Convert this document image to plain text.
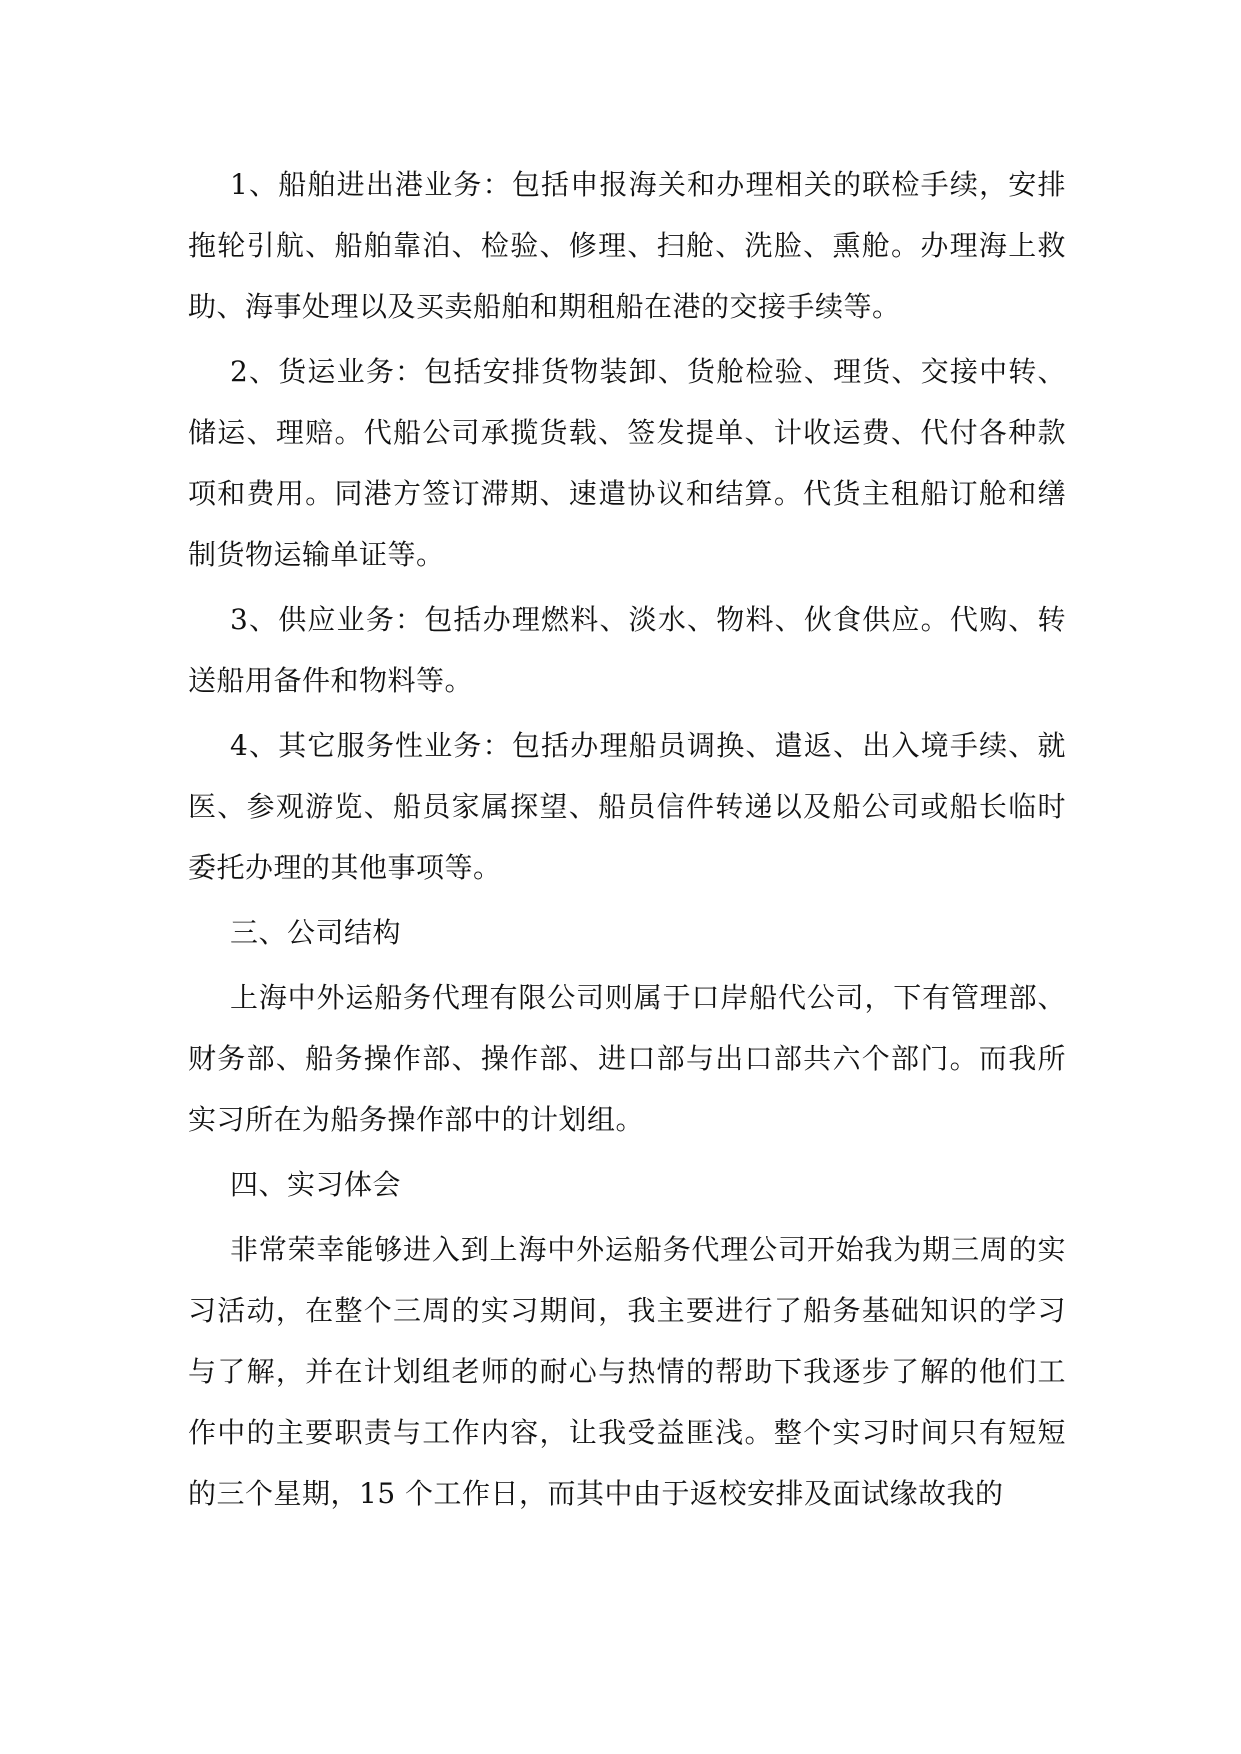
1、船舶进出港业务：包括申报海关和办理相关的联检手续，安排拖轮引航、船舶靠泊、检验、修理、扫舱、洗脸、熏舱。办理海上救助、海事处理以及买卖船舶和期租船在港的交接手续等。

2、货运业务：包括安排货物装卸、货舱检验、理货、交接中转、储运、理赔。代船公司承揽货载、签发提单、计收运费、代付各种款项和费用。同港方签订滞期、速遣协议和结算。代货主租船订舱和缮制货物运输单证等。

3、供应业务：包括办理燃料、淡水、物料、伙食供应。代购、转送船用备件和物料等。

4、其它服务性业务：包括办理船员调换、遣返、出入境手续、就医、参观游览、船员家属探望、船员信件转递以及船公司或船长临时委托办理的其他事项等。

三、公司结构

上海中外运船务代理有限公司则属于口岸船代公司，下有管理部、财务部、船务操作部、操作部、进口部与出口部共六个部门。而我所实习所在为船务操作部中的计划组。

四、实习体会

非常荣幸能够进入到上海中外运船务代理公司开始我为期三周的实习活动，在整个三周的实习期间，我主要进行了船务基础知识的学习与了解，并在计划组老师的耐心与热情的帮助下我逐步了解的他们工作中的主要职责与工作内容，让我受益匪浅。整个实习时间只有短短的三个星期，15 个工作日，而其中由于返校安排及面试缘故我的
